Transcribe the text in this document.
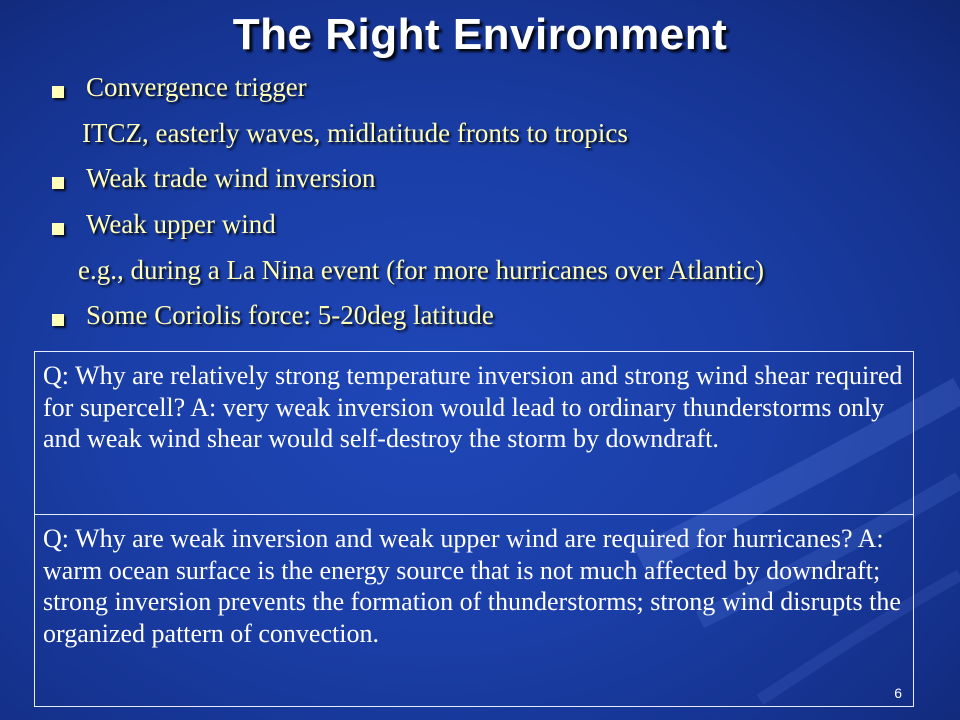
The Right Environment
Convergence trigger
ITCZ, easterly waves, midlatitude fronts to tropics
Weak trade wind inversion
Weak upper wind
e.g., during a La Nina event (for more hurricanes over Atlantic)
Some Coriolis force: 5-20deg latitude
Q: Why are relatively strong temperature inversion and strong wind shear required for supercell? A: very weak inversion would lead to ordinary thunderstorms only and weak wind shear would self-destroy the storm by downdraft.
Q: Why are weak inversion and weak upper wind are required for hurricanes? A: warm ocean surface is the energy source that is not much affected by downdraft; strong inversion prevents the formation of thunderstorms; strong wind disrupts the organized pattern of convection.
6
